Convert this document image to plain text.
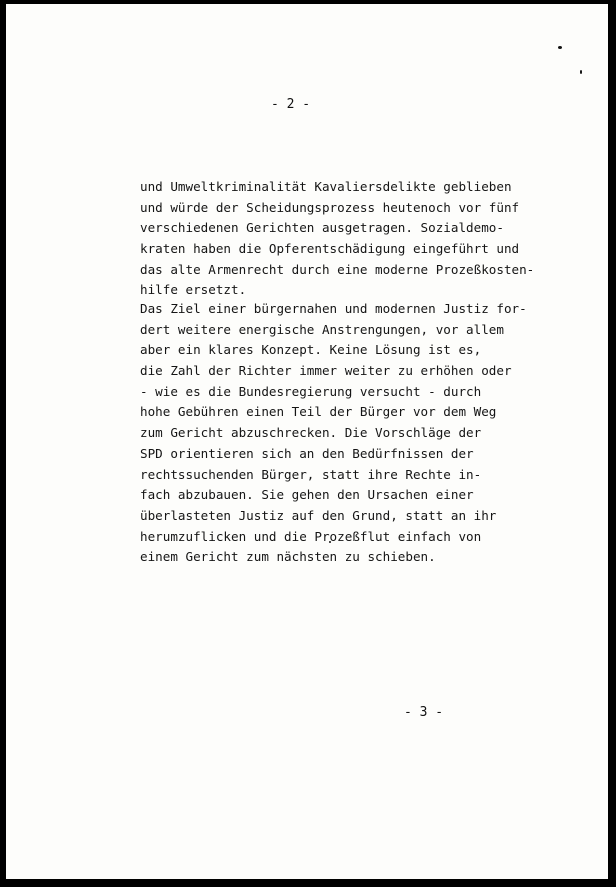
- 2 -
und Umweltkriminalität Kavaliersdelikte geblieben
und würde der Scheidungsprozess heutenoch vor fünf
verschiedenen Gerichten ausgetragen. Sozialdemo-
kraten haben die Opferentschädigung eingeführt und
das alte Armenrecht durch eine moderne Prozeßkosten-
hilfe ersetzt.
Das Ziel einer bürgernahen und modernen Justiz for-
dert weitere energische Anstrengungen, vor allem
aber ein klares Konzept. Keine Lösung ist es,
die Zahl der Richter immer weiter zu erhöhen oder
- wie es die Bundesregierung versucht - durch
hohe Gebühren einen Teil der Bürger vor dem Weg
zum Gericht abzuschrecken. Die Vorschläge der
SPD orientieren sich an den Bedürfnissen der
rechtssuchenden Bürger, statt ihre Rechte in-
fach abzubauen. Sie gehen den Ursachen einer
überlasteten Justiz auf den Grund, statt an ihr
herumzuflicken und die Prozeßflut einfach von
einem Gericht zum nächsten zu schieben.
- 3 -
